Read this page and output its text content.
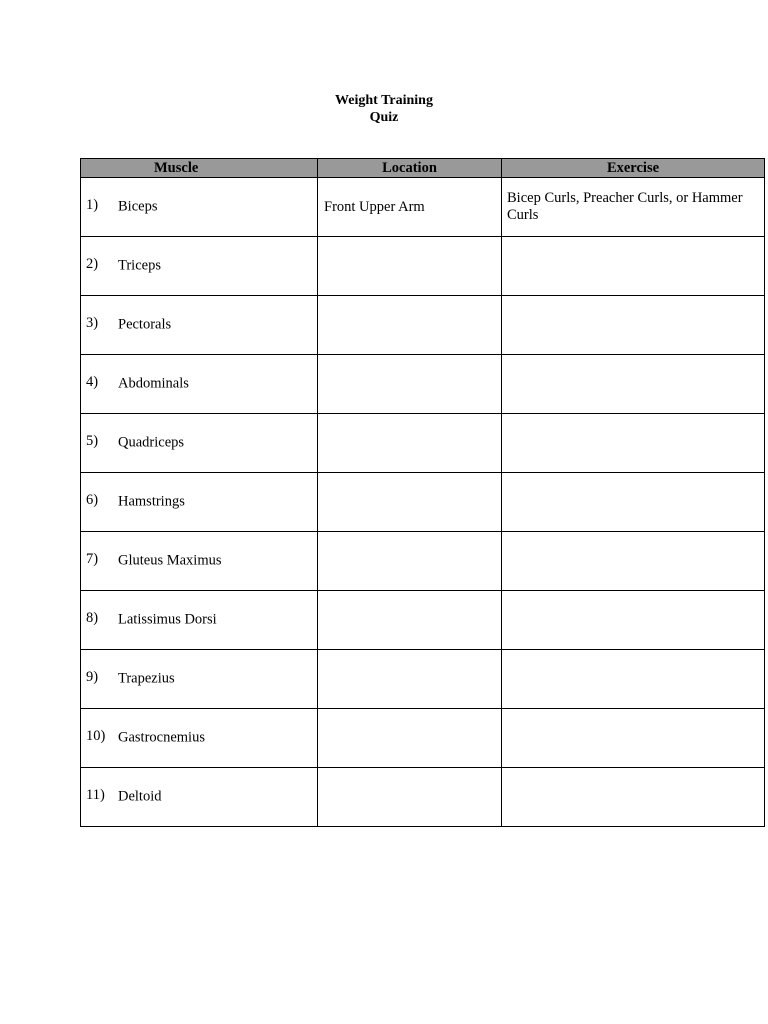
Weight Training
Quiz
Muscle	Location	Exercise

1) Biceps	Front Upper Arm	Bicep Curls, Preacher Curls, or Hammer Curls

2) Triceps		

3) Pectorals		

4) Abdominals		

5) Quadriceps		

6) Hamstrings		

7) Gluteus Maximus		

8) Latissimus Dorsi		

9) Trapezius		

10) Gastrocnemius		

11) Deltoid		
